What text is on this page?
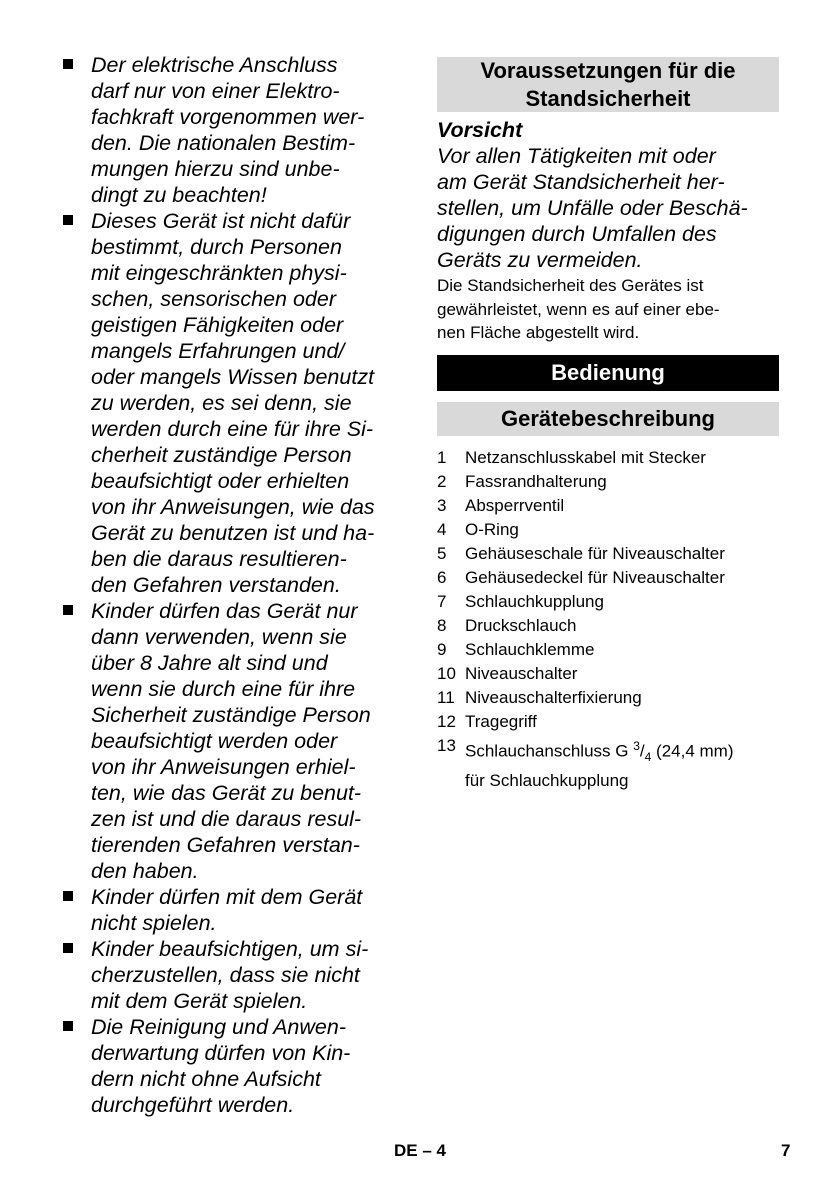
Der elektrische Anschluss
darf nur von einer Elektro-
fachkraft vorgenommen wer-
den. Die nationalen Bestim-
mungen hierzu sind unbe-
dingt zu beachten!
Dieses Gerät ist nicht dafür
bestimmt, durch Personen
mit eingeschränkten physi-
schen, sensorischen oder
geistigen Fähigkeiten oder
mangels Erfahrungen und/
oder mangels Wissen benutzt
zu werden, es sei denn, sie
werden durch eine für ihre Si-
cherheit zuständige Person
beaufsichtigt oder erhielten
von ihr Anweisungen, wie das
Gerät zu benutzen ist und ha-
ben die daraus resultieren-
den Gefahren verstanden.
Kinder dürfen das Gerät nur
dann verwenden, wenn sie
über 8 Jahre alt sind und
wenn sie durch eine für ihre
Sicherheit zuständige Person
beaufsichtigt werden oder
von ihr Anweisungen erhiel-
ten, wie das Gerät zu benut-
zen ist und die daraus resul-
tierenden Gefahren verstan-
den haben.
Kinder dürfen mit dem Gerät
nicht spielen.
Kinder beaufsichtigen, um si-
cherzustellen, dass sie nicht
mit dem Gerät spielen.
Die Reinigung und Anwen-
derwartung dürfen von Kin-
dern nicht ohne Aufsicht
durchgeführt werden.
Voraussetzungen für die
Standsicherheit
Vorsicht
Vor allen Tätigkeiten mit oder
am Gerät Standsicherheit her-
stellen, um Unfälle oder Beschä-
digungen durch Umfallen des
Geräts zu vermeiden.
Die Standsicherheit des Gerätes ist
gewährleistet, wenn es auf einer ebe-
nen Fläche abgestellt wird.
Bedienung
Gerätebeschreibung
1 Netzanschlusskabel mit Stecker
2 Fassrandhalterung
3 Absperrventil
4 O-Ring
5 Gehäuseschale für Niveauschalter
6 Gehäusedeckel für Niveauschalter
7 Schlauchkupplung
8 Druckschlauch
9 Schlauchklemme
10 Niveauschalter
11 Niveauschalterfixierung
12 Tragegriff
13 Schlauchanschluss G $^3/_4$ (24,4 mm)
für Schlauchkupplung
DE – 4	7
